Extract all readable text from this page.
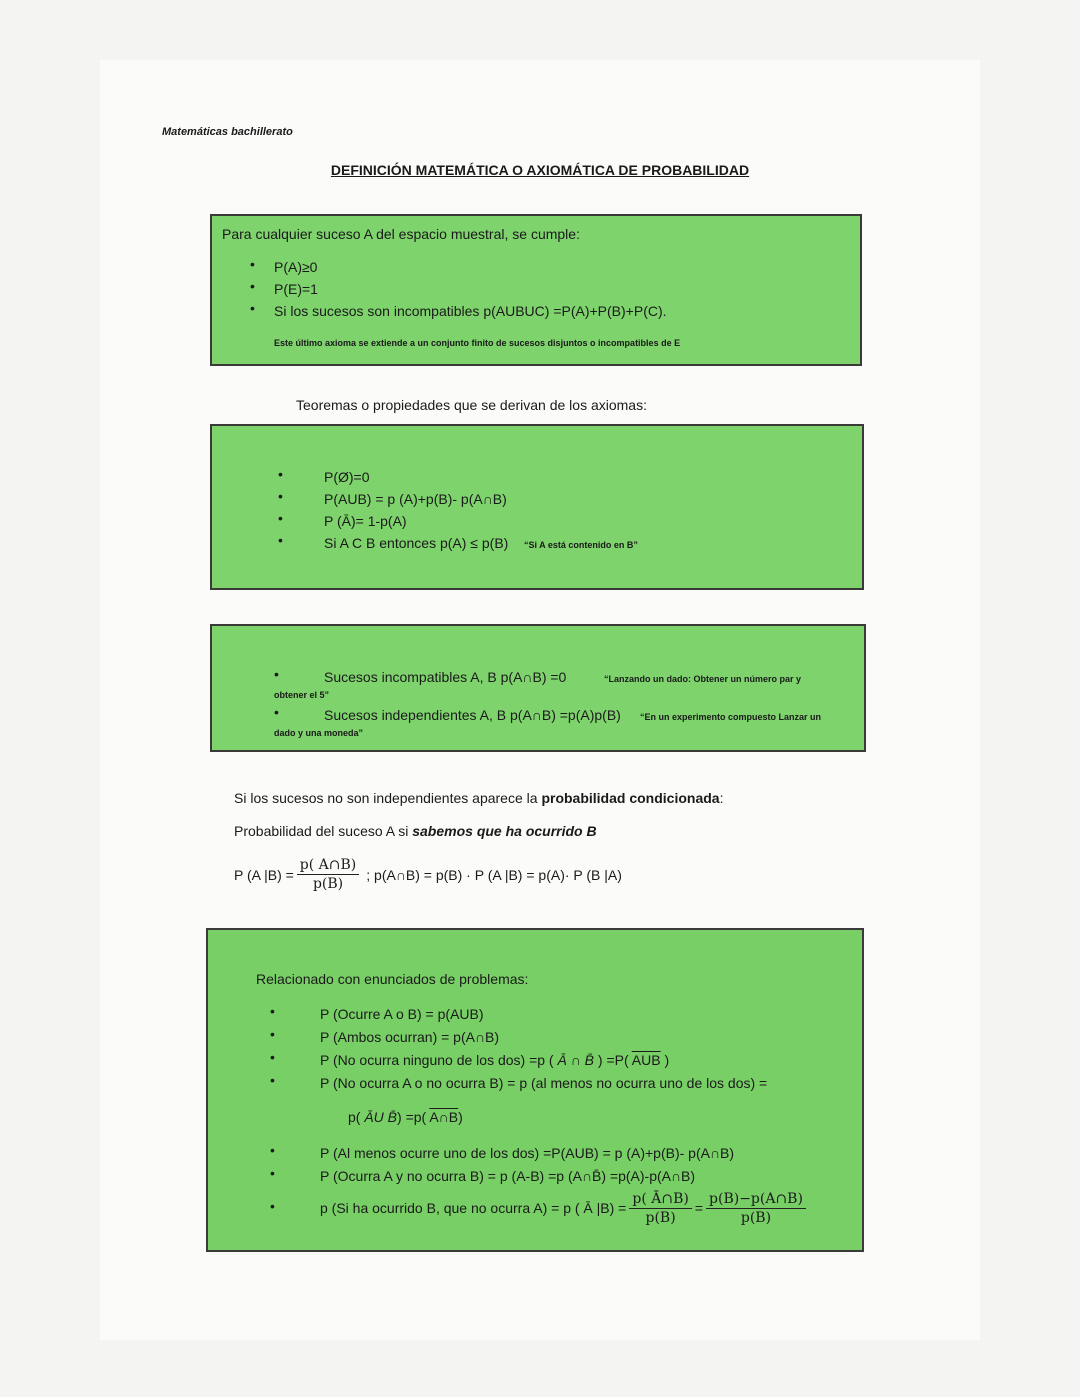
Matemáticas bachillerato
DEFINICIÓN MATEMÁTICA O AXIOMÁTICA DE PROBABILIDAD
Para cualquier suceso A del espacio muestral, se cumple:
• P(A)≥0
• P(E)=1
• Si los sucesos son incompatibles p(AUBUC) =P(A)+P(B)+P(C).
Este último axioma se extiende a un conjunto finito de sucesos disjuntos o incompatibles de E
Teoremas o propiedades que se derivan de los axiomas:
•	P(Ø)=0
•	P(AUB) = p (A)+p(B)- p(A∩B)
•	P (Ā)= 1-p(A)
•	Si A C B entonces p(A) ≤ p(B) “Si A está contenido en B”
•	Sucesos incompatibles A, B p(A∩B) =0	“Lanzando un dado: Obtener un número par y
obtener el 5”
•	Sucesos independientes A, B p(A∩B) =p(A)p(B) “En un experimento compuesto Lanzar un
dado y una moneda”
Si los sucesos no son independientes aparece la probabilidad condicionada:
Probabilidad del suceso A si sabemos que ha ocurrido B
P (A $|B) = \frac{p( A\cap B)}{p(B)}$ ; p(A∩B) = p(B) · P (A |B) = p(A)· P (B |A)
Relacionado con enunciados de problemas:
•	P (Ocurre A o B) = p(AUB)
•	P (Ambos ocurran) = p(A∩B)
•	P (No ocurra ninguno de los dos) =p ( Ā ∩ B̄ ) =P( $\overline{AUB}$ )
•	P (No ocurra A o no ocurra B) = p (al menos no ocurra uno de los dos) =
p( ĀU B̄) =p( A∩B)
•	P (Al menos ocurre uno de los dos) =P(AUB) = p (A)+p(B)- p(A∩B)
•	P (Ocurra A y no ocurra B) = p (A-B) =p (A∩B̄) =p(A)-p(A∩B)
•	p (Si ha ocurrido B, que no ocurra A) = p ( Ā $|B) = \frac{p( Ā\cap B)}{p(B)} = \frac{p(B)-p(A\cap B)}{p(B)}$
